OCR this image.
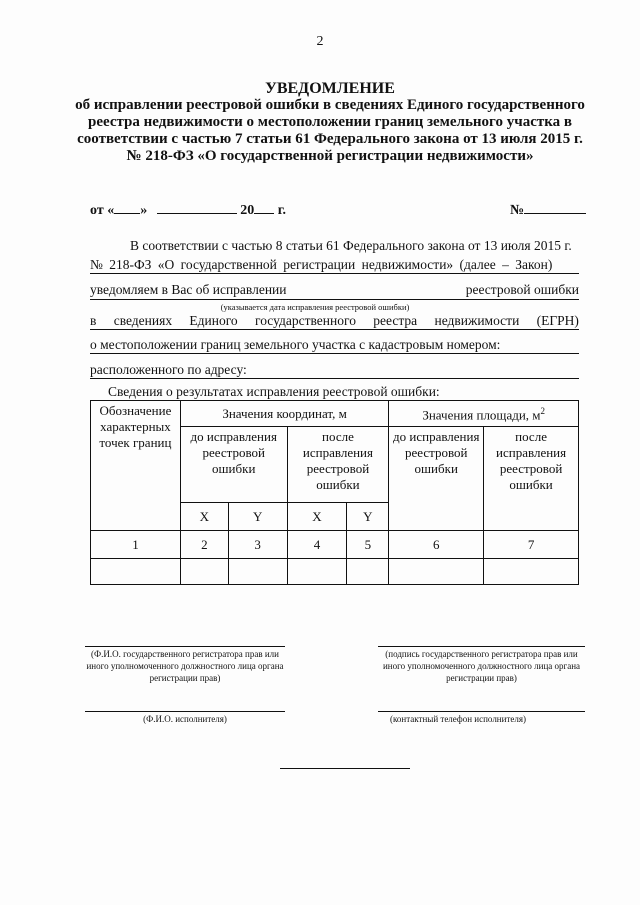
2
УВЕДОМЛЕНИЕ
об исправлении реестровой ошибки в сведениях Единого государственного
реестра недвижимости о местоположении границ земельного участка в
соответствии с частью 7 статьи 61 Федерального закона от 13 июля 2015 г.
№ 218-ФЗ «О государственной регистрации недвижимости»
от « »	20 г.	№
В соответствии с частью 8 статьи 61 Федерального закона от 13 июля 2015 г.
№ 218-ФЗ «О государственной регистрации недвижимости» (далее – Закон)
уведомляем в Вас об исправлении	реестровой ошибки
(указывается дата исправления реестровой ошибки)
в сведениях Единого государственного реестра недвижимости (ЕГРН)
о местоположении границ земельного участка с кадастровым номером:
расположенного по адресу:
Сведения о результатах исправления реестровой ошибки:
Обозначение характерных точек границ	Значения координат, м				Значения площади, $м^2$
	до исправления реестровой ошибки		после исправления реестровой ошибки		до исправления реестровой ошибки	после исправления реестровой ошибки
	X	Y	X	Y		
1	2	3	4	5	6	7

(Ф.И.О. государственного регистратора прав или иного уполномоченного должностного лица органа регистрации прав)
(подпись государственного регистратора прав или иного уполномоченного должностного лица органа регистрации прав)
(Ф.И.О. исполнителя)	(контактный телефон исполнителя)
